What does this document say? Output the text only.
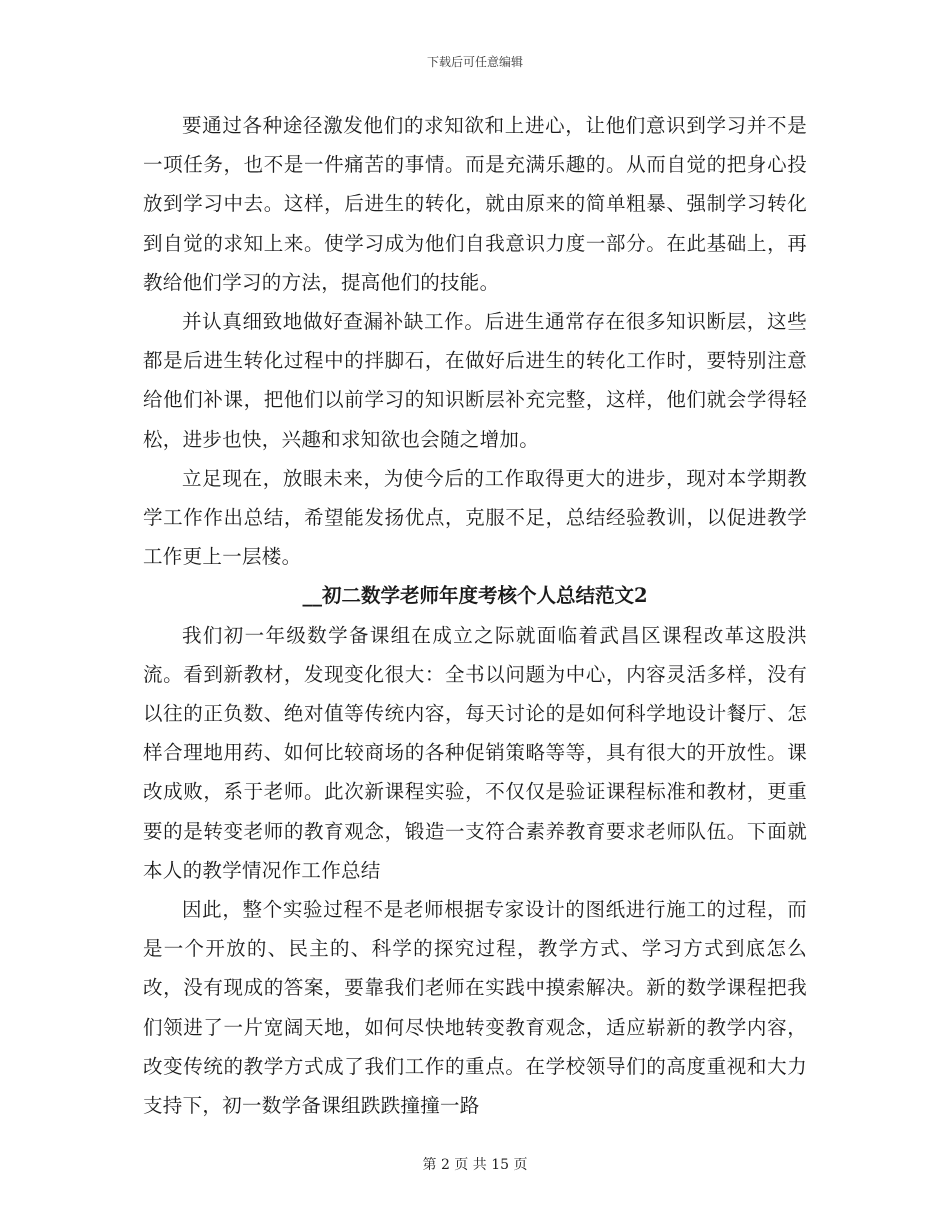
下载后可任意编辑

要通过各种途径激发他们的求知欲和上进心，让他们意识到学习并不是一项任务，也不是一件痛苦的事情。而是充满乐趣的。从而自觉的把身心投放到学习中去。这样，后进生的转化，就由原来的简单粗暴、强制学习转化到自觉的求知上来。使学习成为他们自我意识力度一部分。在此基础上，再教给他们学习的方法，提高他们的技能。

并认真细致地做好查漏补缺工作。后进生通常存在很多知识断层，这些都是后进生转化过程中的拌脚石，在做好后进生的转化工作时，要特别注意给他们补课，把他们以前学习的知识断层补充完整，这样，他们就会学得轻松，进步也快，兴趣和求知欲也会随之增加。

立足现在，放眼未来，为使今后的工作取得更大的进步，现对本学期教学工作作出总结，希望能发扬优点，克服不足，总结经验教训，以促进教学工作更上一层楼。

__初二数学老师年度考核个人总结范文2

我们初一年级数学备课组在成立之际就面临着武昌区课程改革这股洪流。看到新教材，发现变化很大：全书以问题为中心，内容灵活多样，没有以往的正负数、绝对值等传统内容，每天讨论的是如何科学地设计餐厅、怎样合理地用药、如何比较商场的各种促销策略等等，具有很大的开放性。课改成败，系于老师。此次新课程实验，不仅仅是验证课程标准和教材，更重要的是转变老师的教育观念，锻造一支符合素养教育要求老师队伍。下面就本人的教学情况作工作总结

因此，整个实验过程不是老师根据专家设计的图纸进行施工的过程，而是一个开放的、民主的、科学的探究过程，教学方式、学习方式到底怎么改，没有现成的答案，要靠我们老师在实践中摸索解决。新的数学课程把我们领进了一片宽阔天地，如何尽快地转变教育观念，适应崭新的教学内容，改变传统的教学方式成了我们工作的重点。在学校领导们的高度重视和大力支持下，初一数学备课组跌跌撞撞一路

第 2 页 共 15 页
